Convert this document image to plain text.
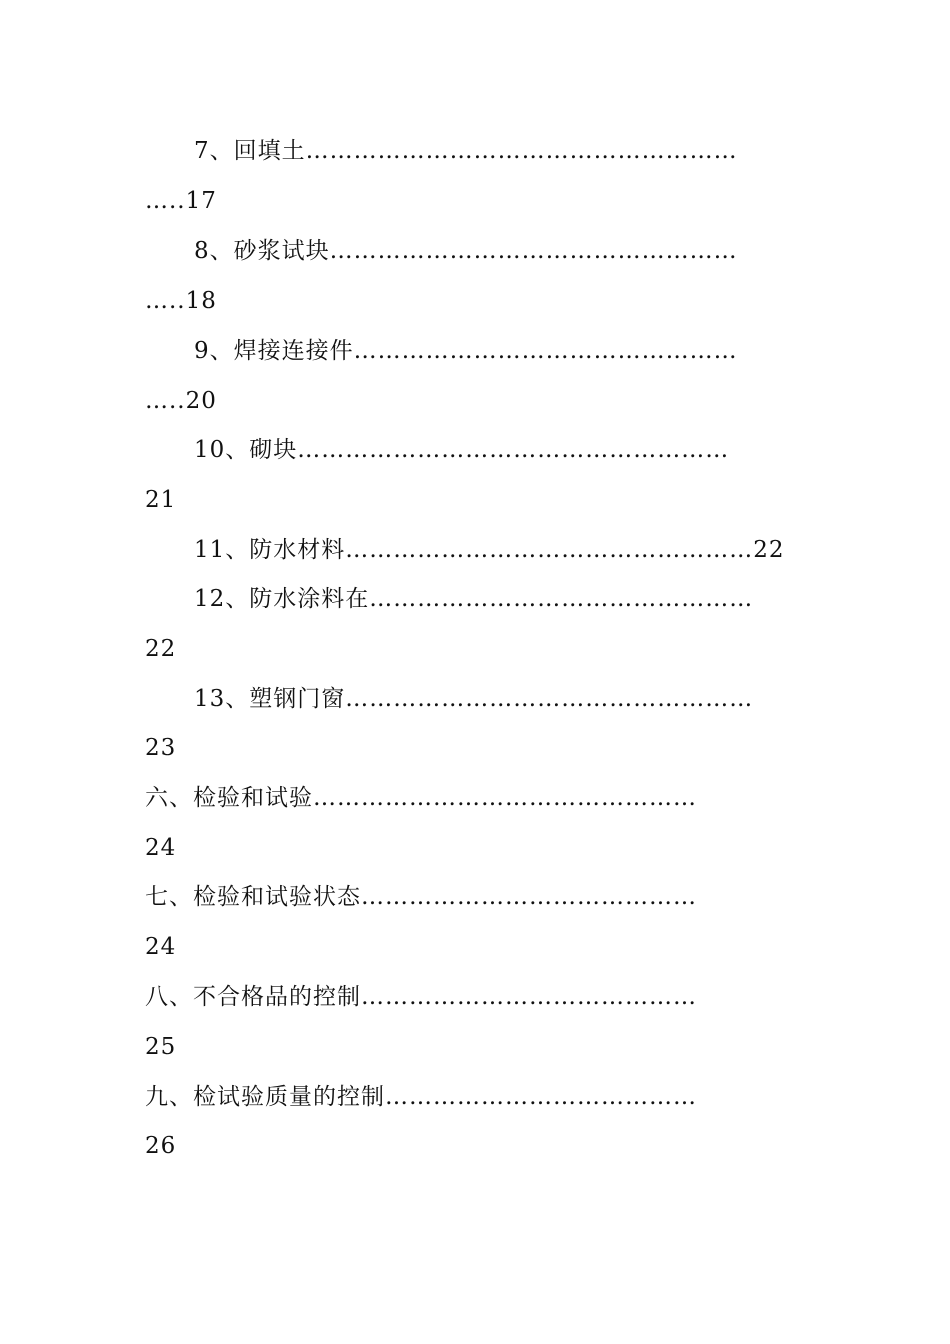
7、回填土………………………………………………
…..17
8、砂浆试块……………………………………………
…..18
9、焊接连接件…………………………………………
…..20
10、砌块………………………………………………
21
11、防水材料……………………………………………22
12、防水涂料在…………………………………………
22
13、塑钢门窗……………………………………………
23
六、检验和试验…………………………………………
24
七、检验和试验状态……………………………………
24
八、不合格品的控制……………………………………
25
九、检试验质量的控制…………………………………
26
